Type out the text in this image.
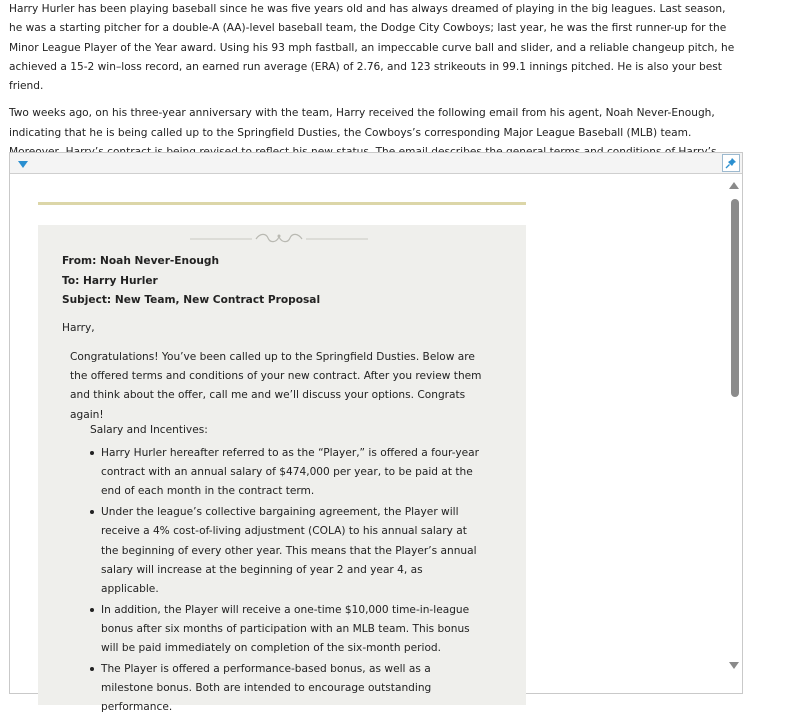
Harry Hurler has been playing baseball since he was five years old and has always dreamed of playing in the big leagues. Last season, he was a starting pitcher for a double-A (AA)-level baseball team, the Dodge City Cowboys; last year, he was the first runner-up for the Minor League Player of the Year award. Using his 93 mph fastball, an impeccable curve ball and slider, and a reliable changeup pitch, he achieved a 15-2 win–loss record, an earned run average (ERA) of 2.76, and 123 strikeouts in 99.1 innings pitched. He is also your best friend.

Two weeks ago, on his three-year anniversary with the team, Harry received the following email from his agent, Noah Never-Enough, indicating that he is being called up to the Springfield Dusties, the Cowboys’s corresponding Major League Baseball (MLB) team.

From: Noah Never-Enough
To: Harry Hurler
Subject: New Team, New Contract Proposal
Harry,
Congratulations! You’ve been called up to the Springfield Dusties. Below are the offered terms and conditions of your new contract. After you review them and think about the offer, call me and we’ll discuss your options. Congrats again!
Salary and Incentives:
Harry Hurler hereafter referred to as the “Player,” is offered a four-year contract with an annual salary of $474,000 per year, to be paid at the end of each month in the contract term.
Under the league’s collective bargaining agreement, the Player will receive a 4% cost-of-living adjustment (COLA) to his annual salary at the beginning of every other year. This means that the Player’s annual salary will increase at the beginning of year 2 and year 4, as applicable.
In addition, the Player will receive a one-time $10,000 time-in-league bonus after six months of participation with an MLB team. This bonus will be paid immediately on completion of the six-month period.
The Player is offered a performance-based bonus, as well as a milestone bonus. Both are intended to encourage outstanding performance.
